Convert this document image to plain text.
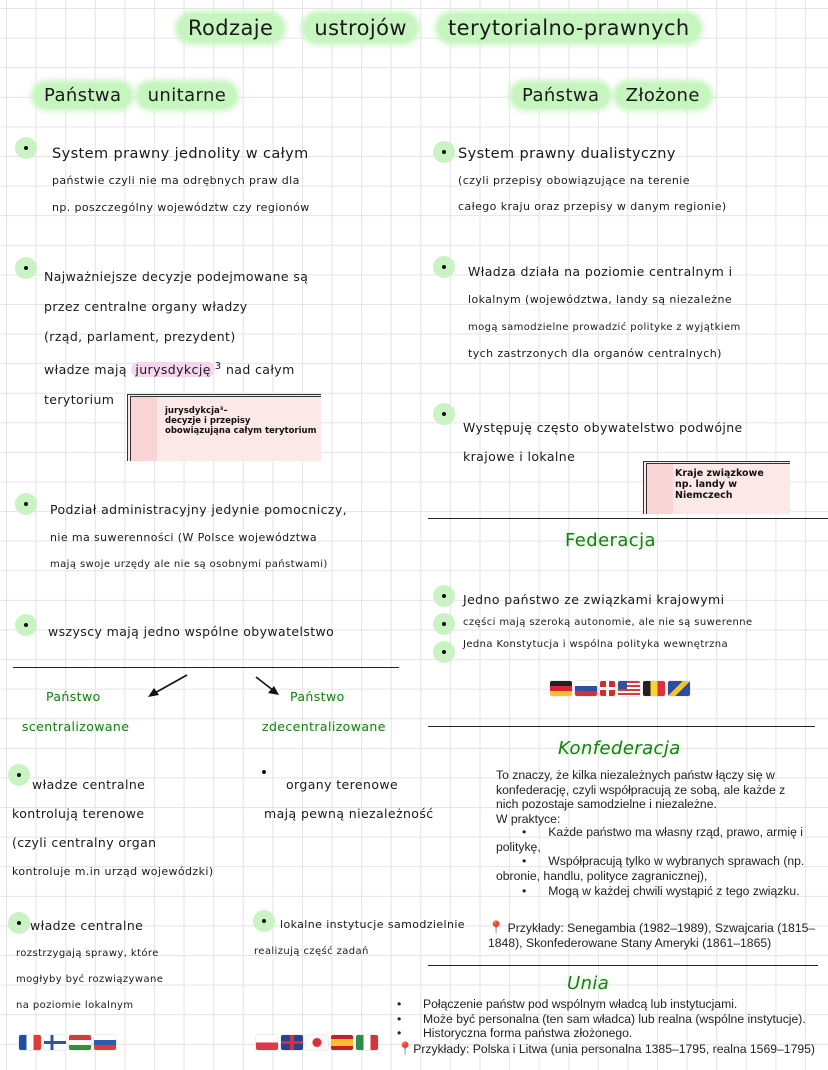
Rodzaje ustrojów terytorialno-prawnych
Państwa unitarne	Państwa Złożone
System prawny jednolity w całym
państwie czyli nie ma odrębnych praw dla
np. poszczególny województw czy regionów
Najważniejsze decyzje podejmowane są
przez centralne organy władzy
(rząd, parlament, prezydent)
władze mają jurysdykcję $^3$ nad całym
terytorium
jurysdykcja³–
decyzje i przepisy
obowiązująna całym terytorium
Podział administracyjny jedynie pomocniczy,
nie ma suwerenności (W Polsce województwa
mają swoje urzędy ale nie są osobnymi państwami)
wszyscy mają jedno wspólne obywatelstwo
Państwo
scentralizowane
Państwo
zdecentralizowane
władze centralne
kontrolują terenowe
(czyli centralny organ
kontroluje m.in urząd wojewódzki)
organy terenowe
mają pewną niezależność
władze centralne
rozstrzygają sprawy, które
mogłyby być rozwiązywane
na poziomie lokalnym
lokalne instytucje samodzielnie
realizują część zadań
System prawny dualistyczny
(czyli przepisy obowiązujące na terenie
całego kraju oraz przepisy w danym regionie)
Władza działa na poziomie centralnym i
lokalnym (województwa, landy są niezależne
mogą samodzielne prowadzić polityke z wyjątkiem
tych zastrzonych dla organów centralnych)
Występuję często obywatelstwo podwójne
krajowe i lokalne
Kraje związkowe
np. landy w
Niemczech
Federacja
Jedno państwo ze związkami krajowymi
części mają szeroką autonomie, ale nie są suwerenne
Jedna Konstytucja i wspólna polityka wewnętrzna
Konfederacja
To znaczy, że kilka niezależnych państw łączy się w konfederację, czyli współpracują ze sobą, ale każde z nich pozostaje samodzielne i niezależne.
W praktyce:
• Każde państwo ma własny rząd, prawo, armię i politykę,
• Współpracują tylko w wybranych sprawach (np. obronie, handlu, polityce zagranicznej),
• Mogą w każdej chwili wystąpić z tego związku.
📍 Przykłady: Senegambia (1982–1989), Szwajcaria (1815–1848), Skonfederowane Stany Ameryki (1861–1865)
Unia
• Połączenie państw pod wspólnym władcą lub instytucjami.
• Może być personalna (ten sam władca) lub realna (wspólne instytucje).
• Historyczna forma państwa złożonego.
📍Przykłady: Polska i Litwa (unia personalna 1385–1795, realna 1569–1795)
